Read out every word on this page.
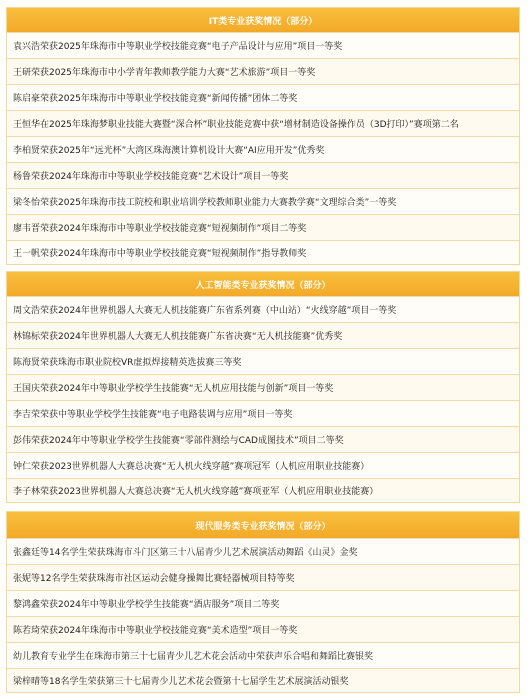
IT类专业获奖情况（部分）
袁兴浩荣获2025年珠海市中等职业学校技能竞赛“电子产品设计与应用”项目一等奖
王研荣获2025年珠海市中小学青年教师教学能力大赛“艺术旅游”项目一等奖
陈启豪荣获2025年珠海市中等职业学校技能竞赛“新闻传播”团体二等奖
王恒华在2025年珠海梦职业技能大赛暨“深合杯”职业技能竞赛中获“增材制造设备操作员（3D打印）”赛项第二名
李柏贤荣获2025年“远光杯”大湾区珠海澳计算机设计大赛“AI应用开发”优秀奖
杨鲁荣获2024年珠海市中等职业学校技能竞赛“艺术设计”项目一等奖
梁冬怡荣获2025年珠海市技工院校和职业培训学校教师职业能力大赛教学赛“文理综合类”一等奖
廖韦晋荣获2024年珠海市中等职业学校技能竞赛“短视频制作”项目二等奖
王一帆荣获2024年珠海市中等职业学校技能竞赛“短视频制作”指导教师奖
人工智能类专业获奖情况（部分）
周文浩荣获2024年世界机器人大赛无人机技能赛广东省系列赛（中山站）“火线穿越”项目一等奖
林锦标荣获2024年世界机器人大赛无人机技能赛广东省决赛“无人机技能赛”优秀奖
陈海贤荣获珠海市职业院校VR虚拟焊接精英选拔赛三等奖
王国庆荣获2024年中等职业学校学生技能赛“无人机应用技能与创新”项目一等奖
李吉荣荣获中等职业学校学生技能赛“电子电路装调与应用”项目一等奖
彭伟荣获2024年中等职业学校学生技能赛“零部件测绘与CAD成图技术”项目二等奖
钟仁荣获2023世界机器人大赛总决赛“无人机火线穿越”赛项冠军（人机应用职业技能赛）
李子林荣获2023世界机器人大赛总决赛“无人机火线穿越”赛项亚军（人机应用职业技能赛）
现代服务类专业获奖情况（部分）
张鑫廷等14名学生荣获珠海市斗门区第三十八届青少儿艺术展演活动舞蹈《山灵》金奖
张妮等12名学生荣获珠海市社区运动会健身操舞比赛轻器械项目特等奖
黎鸿鑫荣获2024年中等职业学校学生技能赛“酒店服务”项目二等奖
陈若琦荣获2024年珠海市中等职业学校技能竞赛“美术造型”项目一等奖
幼儿教育专业学生在珠海市第三十七届青少儿艺术花会活动中荣获声乐合唱和舞蹈比赛银奖
梁梓晴等18名学生荣获第三十七届青少儿艺术花会暨第十七届学生艺术展演活动银奖
